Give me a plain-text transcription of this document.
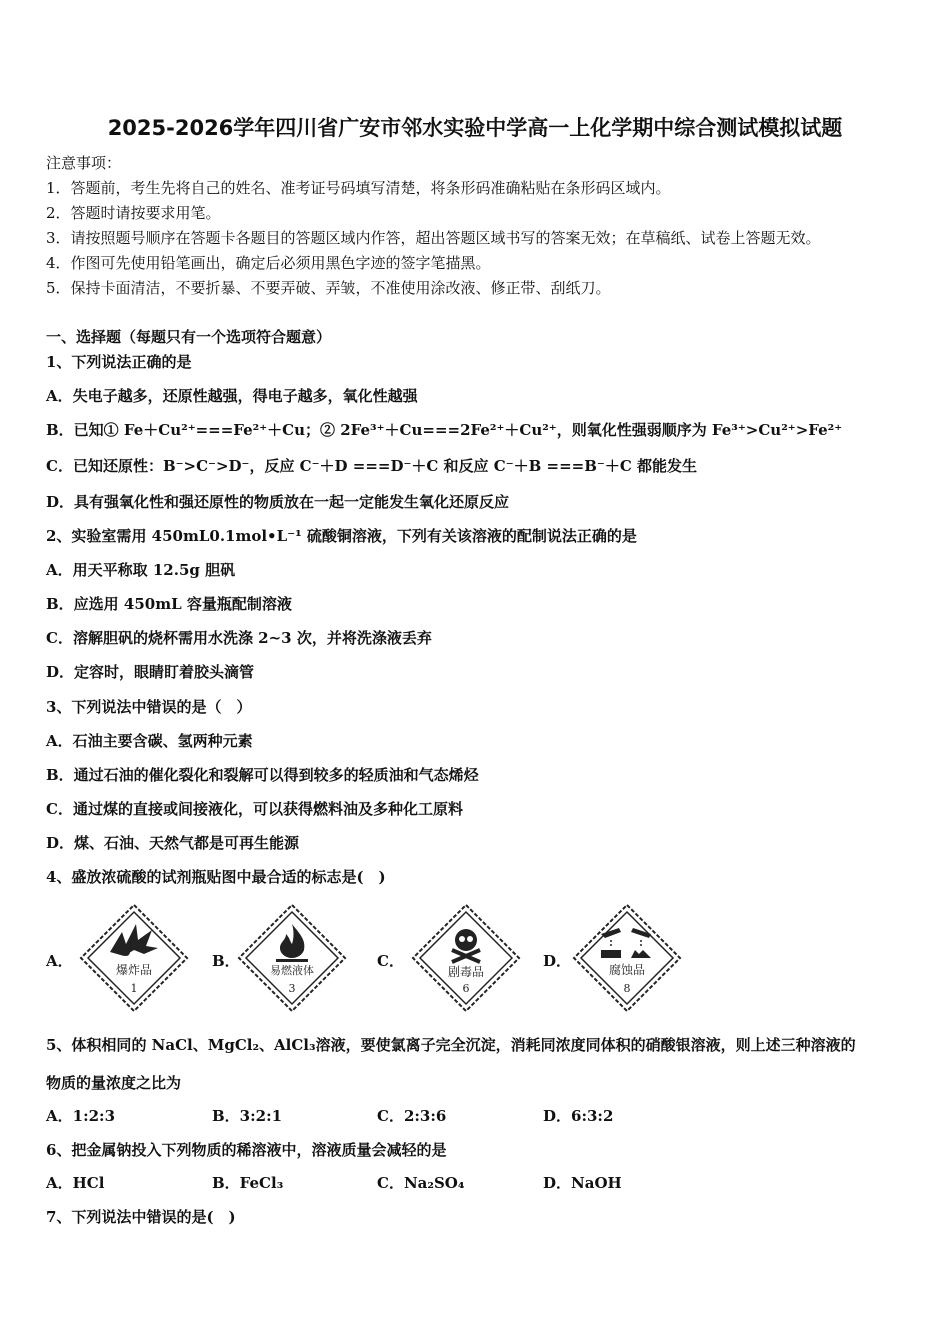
2025-2026学年四川省广安市邻水实验中学高一上化学期中综合测试模拟试题
注意事项：
1．答题前，考生先将自己的姓名、准考证号码填写清楚，将条形码准确粘贴在条形码区域内。
2．答题时请按要求用笔。
3．请按照题号顺序在答题卡各题目的答题区域内作答，超出答题区域书写的答案无效；在草稿纸、试卷上答题无效。
4．作图可先使用铅笔画出，确定后必须用黑色字迹的签字笔描黑。
5．保持卡面清洁，不要折暴、不要弄破、弄皱，不准使用涂改液、修正带、刮纸刀。
一、选择题（每题只有一个选项符合题意）
1、下列说法正确的是
A．失电子越多，还原性越强，得电子越多，氧化性越强
B．已知① Fe＋Cu²⁺===Fe²⁺＋Cu；② 2Fe³⁺＋Cu===2Fe²⁺＋Cu²⁺，则氧化性强弱顺序为 Fe³⁺>Cu²⁺>Fe²⁺
C．已知还原性：B⁻>C⁻>D⁻，反应 C⁻＋D ===D⁻＋C 和反应 C⁻＋B ===B⁻＋C 都能发生
D．具有强氧化性和强还原性的物质放在一起一定能发生氧化还原反应
2、实验室需用 450mL0.1mol•L⁻¹ 硫酸铜溶液，下列有关该溶液的配制说法正确的是
A．用天平称取 12.5g 胆矾
B．应选用 450mL 容量瓶配制溶液
C．溶解胆矾的烧杯需用水洗涤 2~3 次，并将洗涤液丢弃
D．定容时，眼睛盯着胶头滴管
3、下列说法中错误的是（　）
A．石油主要含碳、氢两种元素
B．通过石油的催化裂化和裂解可以得到较多的轻质油和气态烯烃
C．通过煤的直接或间接液化，可以获得燃料油及多种化工原料
D．煤、石油、天然气都是可再生能源
4、盛放浓硫酸的试剂瓶贴图中最合适的标志是(　)
A．	爆炸品
1
B．
易燃液体
3
C．
剧毒品
6
D．	腐蚀品
8
5、体积相同的 NaCl、MgCl₂、AlCl₃溶液，要使氯离子完全沉淀，消耗同浓度同体积的硝酸银溶液，则上述三种溶液的
物质的量浓度之比为
A．1:2:3	B．3:2:1	C．2:3:6	D．6:3:2
6、把金属钠投入下列物质的稀溶液中，溶液质量会减轻的是
A．HCl	B．FeCl₃	C．Na₂SO₄	D．NaOH
7、下列说法中错误的是(　)
